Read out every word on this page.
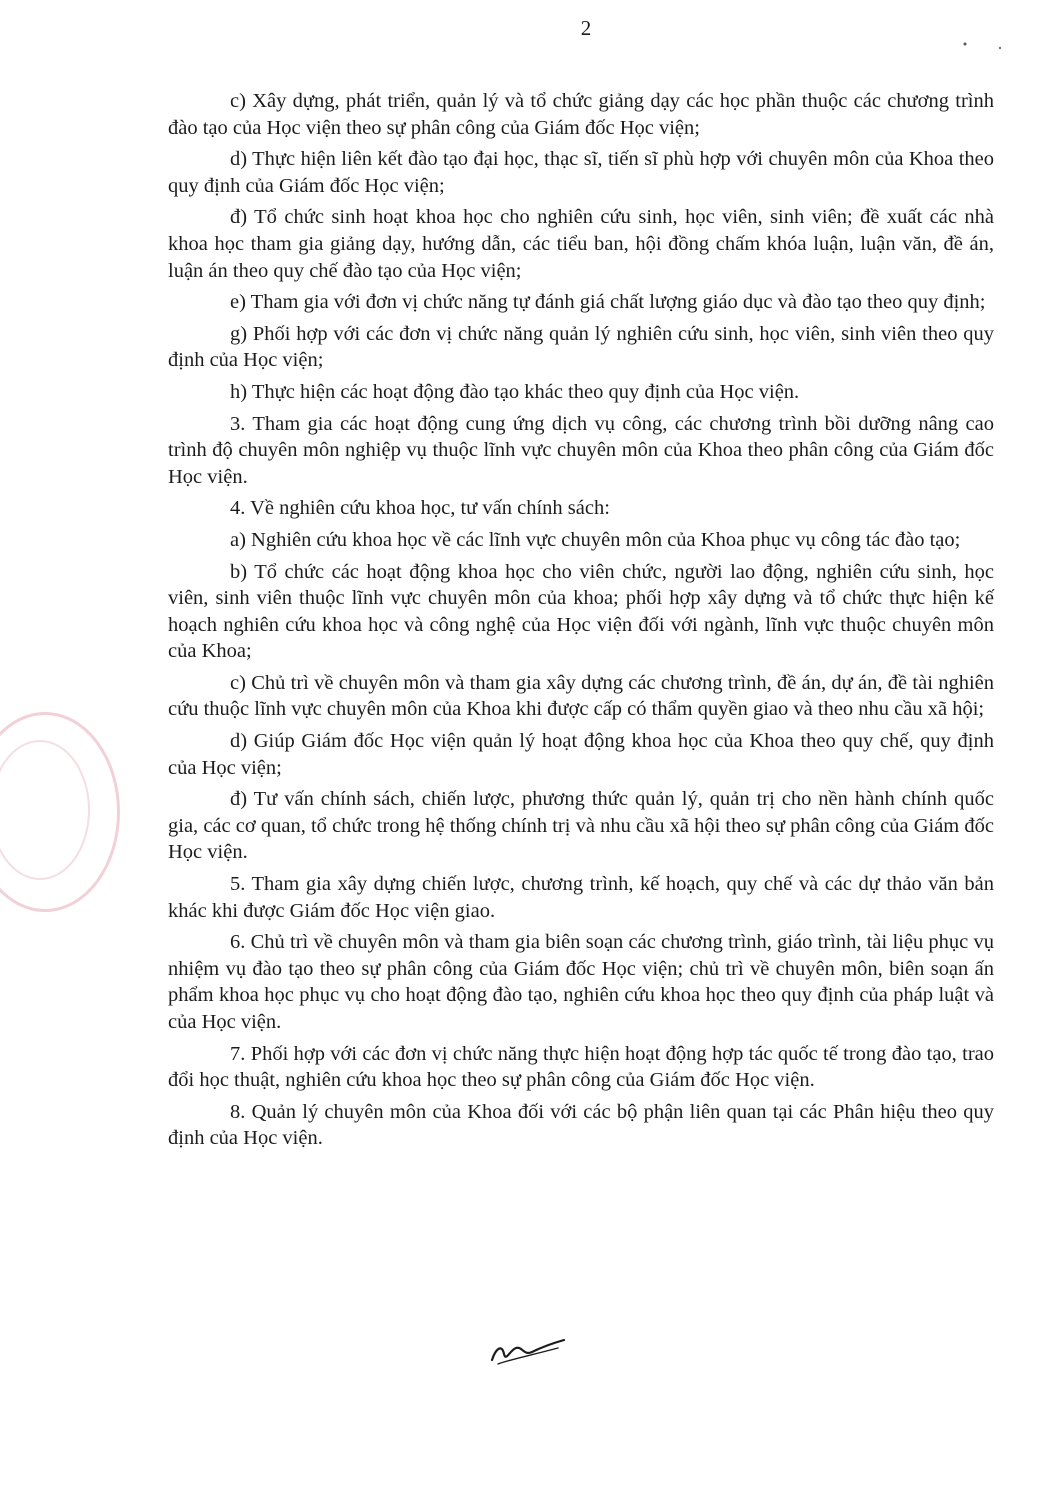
2

c) Xây dựng, phát triển, quản lý và tổ chức giảng dạy các học phần thuộc các chương trình đào tạo của Học viện theo sự phân công của Giám đốc Học viện;

d) Thực hiện liên kết đào tạo đại học, thạc sĩ, tiến sĩ phù hợp với chuyên môn của Khoa theo quy định của Giám đốc Học viện;

đ) Tổ chức sinh hoạt khoa học cho nghiên cứu sinh, học viên, sinh viên; đề xuất các nhà khoa học tham gia giảng dạy, hướng dẫn, các tiểu ban, hội đồng chấm khóa luận, luận văn, đề án, luận án theo quy chế đào tạo của Học viện;

e) Tham gia với đơn vị chức năng tự đánh giá chất lượng giáo dục và đào tạo theo quy định;

g) Phối hợp với các đơn vị chức năng quản lý nghiên cứu sinh, học viên, sinh viên theo quy định của Học viện;

h) Thực hiện các hoạt động đào tạo khác theo quy định của Học viện.

3. Tham gia các hoạt động cung ứng dịch vụ công, các chương trình bồi dưỡng nâng cao trình độ chuyên môn nghiệp vụ thuộc lĩnh vực chuyên môn của Khoa theo phân công của Giám đốc Học viện.

4. Về nghiên cứu khoa học, tư vấn chính sách:

a) Nghiên cứu khoa học về các lĩnh vực chuyên môn của Khoa phục vụ công tác đào tạo;

b) Tổ chức các hoạt động khoa học cho viên chức, người lao động, nghiên cứu sinh, học viên, sinh viên thuộc lĩnh vực chuyên môn của khoa; phối hợp xây dựng và tổ chức thực hiện kế hoạch nghiên cứu khoa học và công nghệ của Học viện đối với ngành, lĩnh vực thuộc chuyên môn của Khoa;

c) Chủ trì về chuyên môn và tham gia xây dựng các chương trình, đề án, dự án, đề tài nghiên cứu thuộc lĩnh vực chuyên môn của Khoa khi được cấp có thẩm quyền giao và theo nhu cầu xã hội;

d) Giúp Giám đốc Học viện quản lý hoạt động khoa học của Khoa theo quy chế, quy định của Học viện;

đ) Tư vấn chính sách, chiến lược, phương thức quản lý, quản trị cho nền hành chính quốc gia, các cơ quan, tổ chức trong hệ thống chính trị và nhu cầu xã hội theo sự phân công của Giám đốc Học viện.

5. Tham gia xây dựng chiến lược, chương trình, kế hoạch, quy chế và các dự thảo văn bản khác khi được Giám đốc Học viện giao.

6. Chủ trì về chuyên môn và tham gia biên soạn các chương trình, giáo trình, tài liệu phục vụ nhiệm vụ đào tạo theo sự phân công của Giám đốc Học viện; chủ trì về chuyên môn, biên soạn ấn phẩm khoa học phục vụ cho hoạt động đào tạo, nghiên cứu khoa học theo quy định của pháp luật và của Học viện.

7. Phối hợp với các đơn vị chức năng thực hiện hoạt động hợp tác quốc tế trong đào tạo, trao đổi học thuật, nghiên cứu khoa học theo sự phân công của Giám đốc Học viện.

8. Quản lý chuyên môn của Khoa đối với các bộ phận liên quan tại các Phân hiệu theo quy định của Học viện.
